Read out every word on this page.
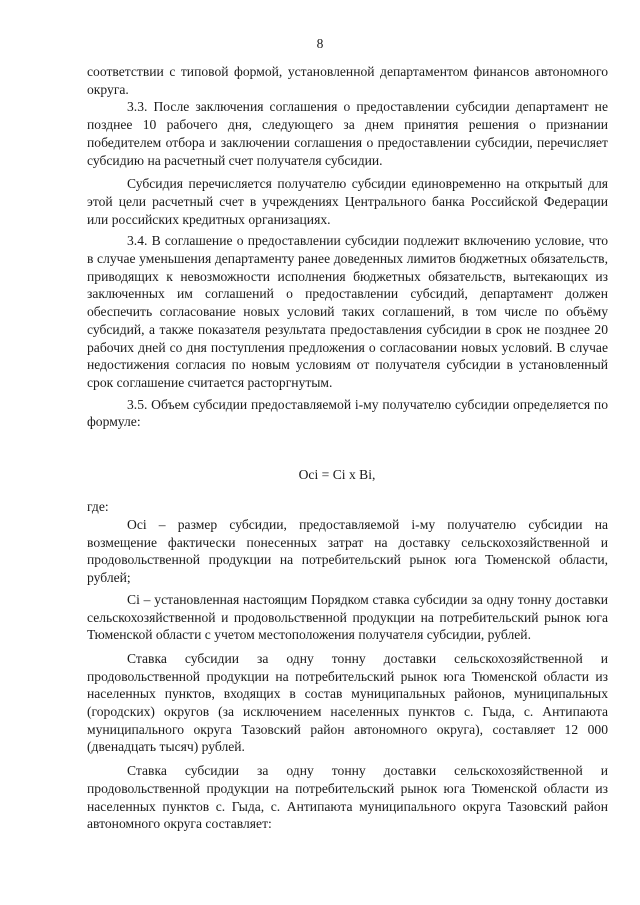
8

соответствии с типовой формой, установленной департаментом финансов автономного округа.

3.3. После заключения соглашения о предоставлении субсидии департамент не позднее 10 рабочего дня, следующего за днем принятия решения о признании победителем отбора и заключении соглашения о предоставлении субсидии, перечисляет субсидию на расчетный счет получателя субсидии.

Субсидия перечисляется получателю субсидии единовременно на открытый для этой цели расчетный счет в учреждениях Центрального банка Российской Федерации или российских кредитных организациях.

3.4. В соглашение о предоставлении субсидии подлежит включению условие, что в случае уменьшения департаменту ранее доведенных лимитов бюджетных обязательств, приводящих к невозможности исполнения бюджетных обязательств, вытекающих из заключенных им соглашений о предоставлении субсидий, департамент должен обеспечить согласование новых условий таких соглашений, в том числе по объёму субсидий, а также показателя результата предоставления субсидии в срок не позднее 20 рабочих дней со дня поступления предложения о согласовании новых условий. В случае недостижения согласия по новым условиям от получателя субсидии в установленный срок соглашение считается расторгнутым.

3.5. Объем субсидии предоставляемой i-му получателю субсидии определяется по формуле:

Oci = Ci x Bi,
где:

Oci – размер субсидии, предоставляемой i-му получателю субсидии на возмещение фактически понесенных затрат на доставку сельскохозяйственной и продовольственной продукции на потребительский рынок юга Тюменской области, рублей;

Ci – установленная настоящим Порядком ставка субсидии за одну тонну доставки сельскохозяйственной и продовольственной продукции на потребительский рынок юга Тюменской области с учетом местоположения получателя субсидии, рублей.

Ставка субсидии за одну тонну доставки сельскохозяйственной и продовольственной продукции на потребительский рынок юга Тюменской области из населенных пунктов, входящих в состав муниципальных районов, муниципальных (городских) округов (за исключением населенных пунктов с. Гыда, с. Антипаюта муниципального округа Тазовский район автономного округа), составляет 12 000 (двенадцать тысяч) рублей.

Ставка субсидии за одну тонну доставки сельскохозяйственной и продовольственной продукции на потребительский рынок юга Тюменской области из населенных пунктов с. Гыда, с. Антипаюта муниципального округа Тазовский район автономного округа составляет:
